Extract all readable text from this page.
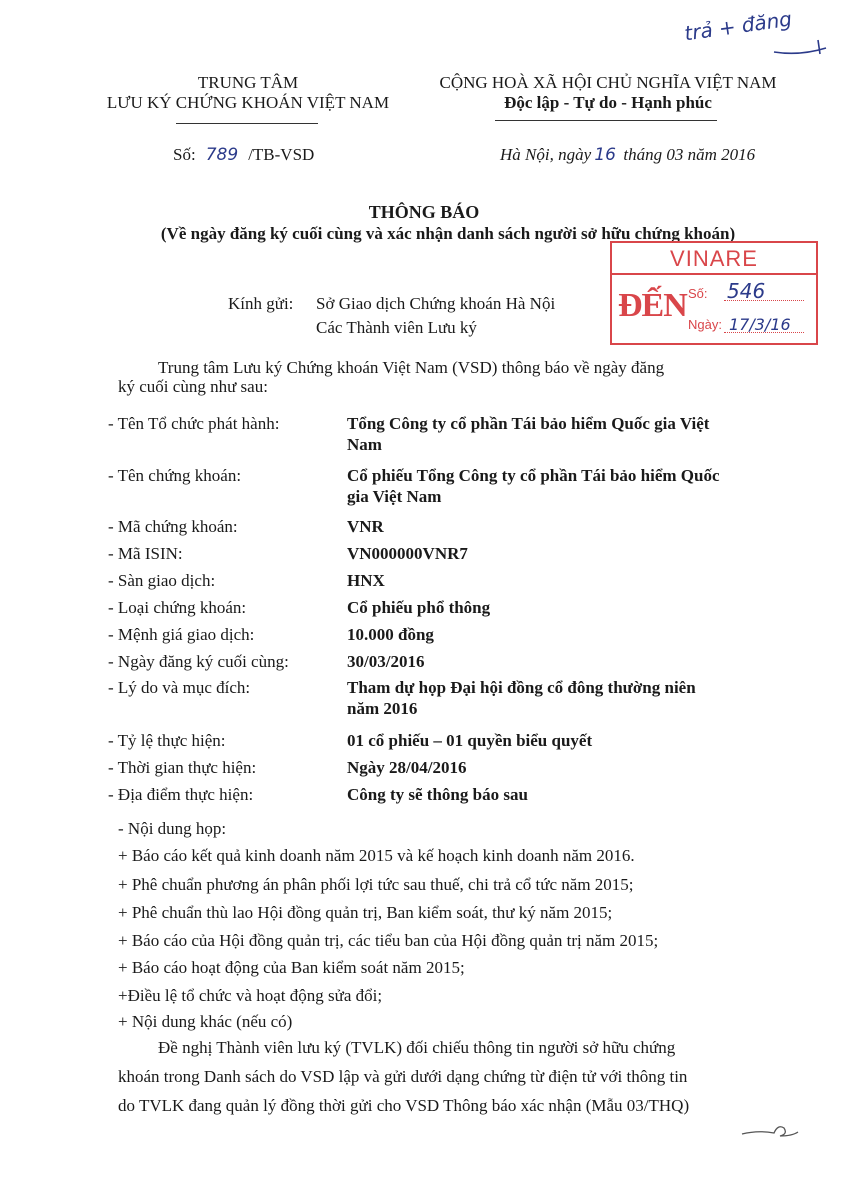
trả + đăng
TRUNG TÂM
LƯU KÝ CHỨNG KHOÁN VIỆT NAM
CỘNG HOÀ XÃ HỘI CHỦ NGHĨA VIỆT NAM
Độc lập - Tự do - Hạnh phúc
Số: 789 /TB-VSD	Hà Nội, ngày 16 tháng 03 năm 2016
THÔNG BÁO
(Về ngày đăng ký cuối cùng và xác nhận danh sách người sở hữu chứng khoán)
VINARE
ĐẾN Số: 546
Ngày: 17/3/16
Kính gửi: Sở Giao dịch Chứng khoán Hà Nội
Các Thành viên Lưu ký
Trung tâm Lưu ký Chứng khoán Việt Nam (VSD) thông báo về ngày đăng
ký cuối cùng như sau:
- Tên Tổ chức phát hành:	Tổng Công ty cổ phần Tái bảo hiểm Quốc gia Việt
Nam
- Tên chứng khoán:	Cổ phiếu Tổng Công ty cổ phần Tái bảo hiểm Quốc
gia Việt Nam
- Mã chứng khoán:	VNR
- Mã ISIN:	VN000000VNR7
- Sàn giao dịch:	HNX
- Loại chứng khoán:	Cổ phiếu phổ thông
- Mệnh giá giao dịch:	10.000 đồng
- Ngày đăng ký cuối cùng:	30/03/2016
- Lý do và mục đích:	Tham dự họp Đại hội đồng cổ đông thường niên
năm 2016
- Tỷ lệ thực hiện:	01 cổ phiếu – 01 quyền biểu quyết
- Thời gian thực hiện:	Ngày 28/04/2016
- Địa điểm thực hiện:	Công ty sẽ thông báo sau
- Nội dung họp:
+ Báo cáo kết quả kinh doanh năm 2015 và kế hoạch kinh doanh năm 2016.
+ Phê chuẩn phương án phân phối lợi tức sau thuế, chi trả cổ tức năm 2015;
+ Phê chuẩn thù lao Hội đồng quản trị, Ban kiểm soát, thư ký năm 2015;
+ Báo cáo của Hội đồng quản trị, các tiểu ban của Hội đồng quản trị năm 2015;
+ Báo cáo hoạt động của Ban kiểm soát năm 2015;
+Điều lệ tổ chức và hoạt động sửa đổi;
+ Nội dung khác (nếu có)
Đề nghị Thành viên lưu ký (TVLK) đối chiếu thông tin người sở hữu chứng
khoán trong Danh sách do VSD lập và gửi dưới dạng chứng từ điện tử với thông tin
do TVLK đang quản lý đồng thời gửi cho VSD Thông báo xác nhận (Mẫu 03/THQ)
